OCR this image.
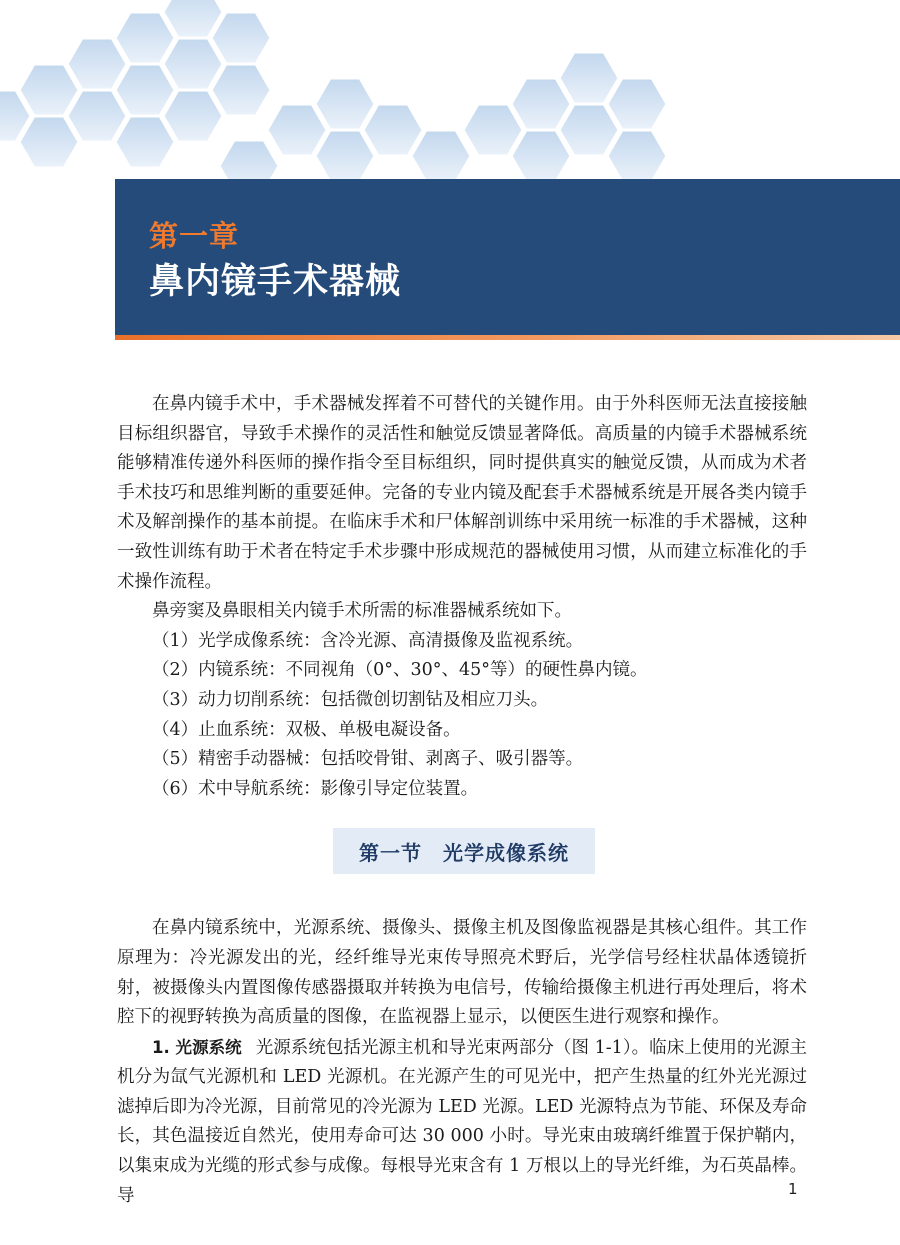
第一章
鼻内镜手术器械

在鼻内镜手术中，手术器械发挥着不可替代的关键作用。由于外科医师无法直接接触目标组织器官，导致手术操作的灵活性和触觉反馈显著降低。高质量的内镜手术器械系统能够精准传递外科医师的操作指令至目标组织，同时提供真实的触觉反馈，从而成为术者手术技巧和思维判断的重要延伸。完备的专业内镜及配套手术器械系统是开展各类内镜手术及解剖操作的基本前提。在临床手术和尸体解剖训练中采用统一标准的手术器械，这种一致性训练有助于术者在特定手术步骤中形成规范的器械使用习惯，从而建立标准化的手术操作流程。

鼻旁窦及鼻眼相关内镜手术所需的标准器械系统如下。

（1）光学成像系统：含冷光源、高清摄像及监视系统。

（2）内镜系统：不同视角（0°、30°、45°等）的硬性鼻内镜。

（3）动力切削系统：包括微创切割钻及相应刀头。

（4）止血系统：双极、单极电凝设备。

（5）精密手动器械：包括咬骨钳、剥离子、吸引器等。

（6）术中导航系统：影像引导定位装置。

第一节　光学成像系统

在鼻内镜系统中，光源系统、摄像头、摄像主机及图像监视器是其核心组件。其工作原理为：冷光源发出的光，经纤维导光束传导照亮术野后，光学信号经柱状晶体透镜折射，被摄像头内置图像传感器摄取并转换为电信号，传输给摄像主机进行再处理后，将术腔下的视野转换为高质量的图像，在监视器上显示，以便医生进行观察和操作。

1. 光源系统 光源系统包括光源主机和导光束两部分（图 1-1）。临床上使用的光源主机分为氙气光源机和 LED 光源机。在光源产生的可见光中，把产生热量的红外光光源过滤掉后即为冷光源，目前常见的冷光源为 LED 光源。LED 光源特点为节能、环保及寿命长，其色温接近自然光，使用寿命可达 30 000 小时。导光束由玻璃纤维置于保护鞘内，以集束成为光缆的形式参与成像。每根导光束含有 1 万根以上的导光纤维，为石英晶棒。导	1
